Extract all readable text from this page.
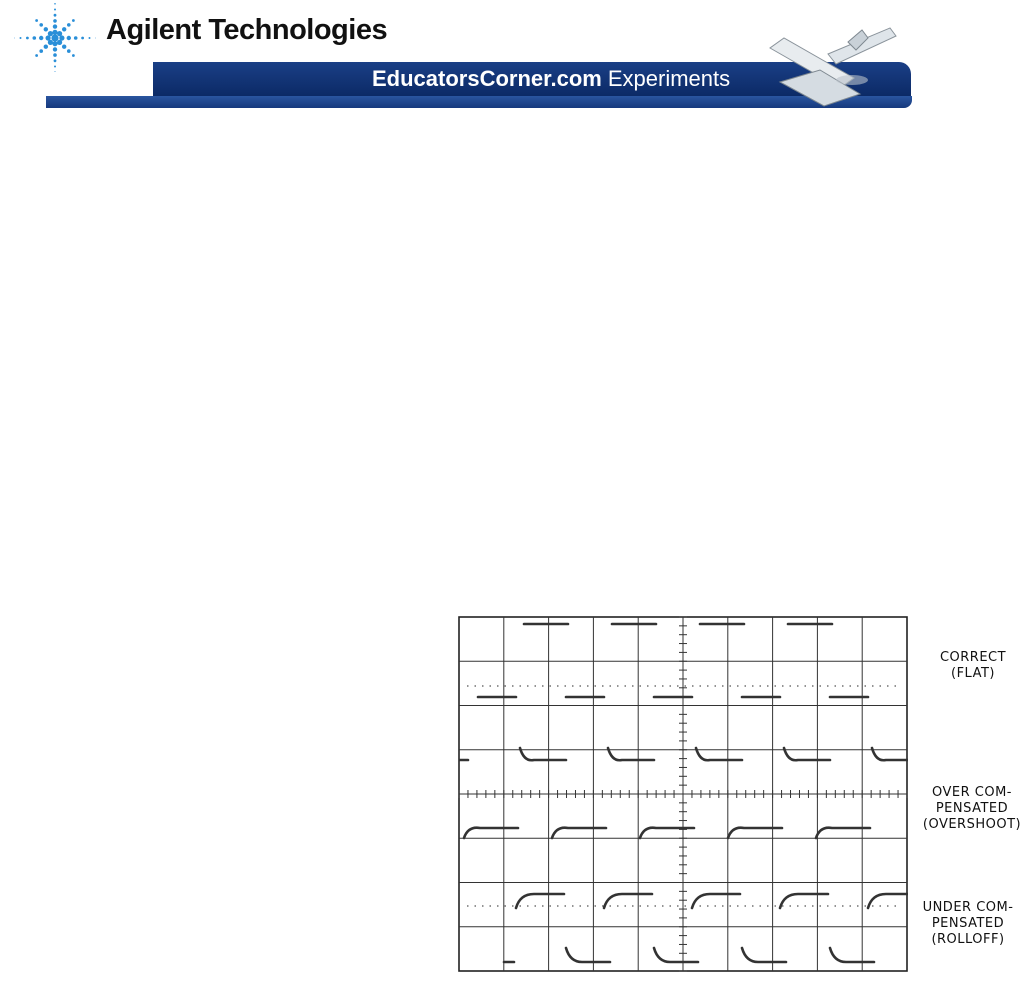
Agilent Technologies
EducatorsCorner.com Experiments
CORRECT
(FLAT)
OVER COM-
PENSATED
(OVERSHOOT)
UNDER COM-
PENSATED
(ROLLOFF)
